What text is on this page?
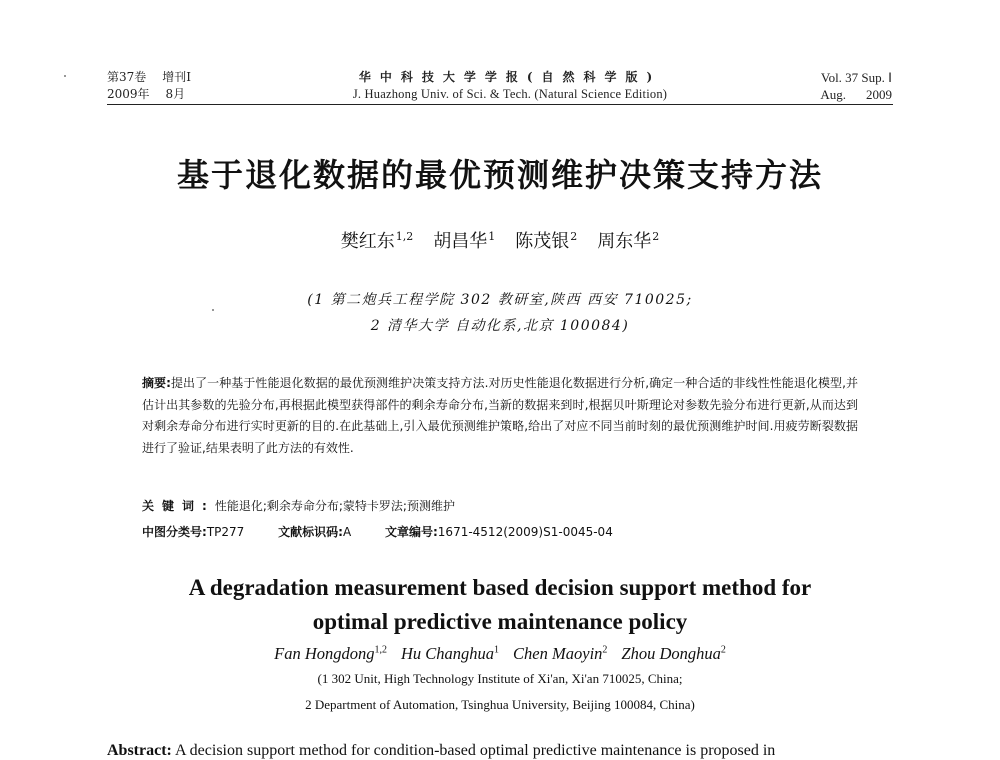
第37卷 增刊Ⅰ
2009年 8月
华中科技大学学报(自然科学版)
J. Huazhong Univ. of Sci. & Tech. (Natural Science Edition)
Vol. 37 Sup. Ⅰ
Aug. 2009
基于退化数据的最优预测维护决策支持方法
樊红东$^{1,2}$ 胡昌华$^1$ 陈茂银$^2$ 周东华$^2$
(1 第二炮兵工程学院 302 教研室,陕西 西安 710025;
2 清华大学 自动化系,北京 100084)
摘要:提出了一种基于性能退化数据的最优预测维护决策支持方法.对历史性能退化数据进行分析,确定一种合适的非线性性能退化模型,并估计出其参数的先验分布,再根据此模型获得部件的剩余寿命分布,当新的数据来到时,根据贝叶斯理论对参数先验分布进行更新,从而达到对剩余寿命分布进行实时更新的目的.在此基础上,引入最优预测维护策略,给出了对应不同当前时刻的最优预测维护时间.用疲劳断裂数据进行了验证,结果表明了此方法的有效性.
关键词:性能退化;剩余寿命分布;蒙特卡罗法;预测维护
中图分类号:TP277	文献标识码:A	文章编号:1671-4512(2009)S1-0045-04
A degradation measurement based decision support method for
optimal predictive maintenance policy
Fan Hongdong$^{1,2}$ Hu Changhua$^1$ Chen Maoyin$^2$ Zhou Donghua$^2$
(1 302 Unit, High Technology Institute of Xi'an, Xi'an 710025, China;
2 Department of Automation, Tsinghua University, Beijing 100084, China)
Abstract: A decision support method for condition-based optimal predictive maintenance is proposed in
